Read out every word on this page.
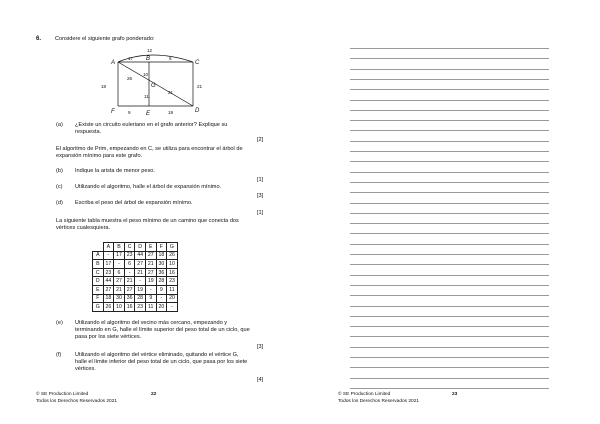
6. Considere el siguiente grafo ponderado:
A
B
C
D
E
F
G
12
17	6
18
26
10
11
21
21
9	19
(a) ¿Existe un circuito euleriano en el grafo anterior? Explique su
respuesta.
[2]
El algoritmo de Prim, empezando en C, se utiliza para encontrar el árbol de
expansión mínimo para este grafo.
(b) Indique la arista de menor peso.
[1]
(c) Utilizando el algoritmo, halle el árbol de expansión mínimo.
[3]
(d) Escriba el peso del árbol de expansión mínimo.
[1]
La siguiente tabla muestra el peso mínimo de un camino que conecta dos
vértices cualesquiera.
	A	B	C	D	E	F	G
A	-	17	23	44	27	18	26
B	17	-	6	27	21	30	10
C	23	6	-	21	27	36	16
D	44	27	21	-	19	28	23
E	27	21	27	19	-	9	11
F	18	30	36	28	9	-	20
G	26	10	16	23	11	20	-
(e) Utilizando el algoritmo del vecino más cercano, empezando y
terminando en G, halle el límite superior del peso total de un ciclo, que
pasa por los siete vértices.
[3]
(f) Utilizando el algoritmo del vértice eliminado, quitando el vértice G,
halle el límite inferior del peso total de un ciclo, que pasa por los siete
vértices.
[4]
© SE Production Limited
Todos los Derechos Reservados 2021
22	© SE Production Limited
Todos los Derechos Reservados 2021
23
